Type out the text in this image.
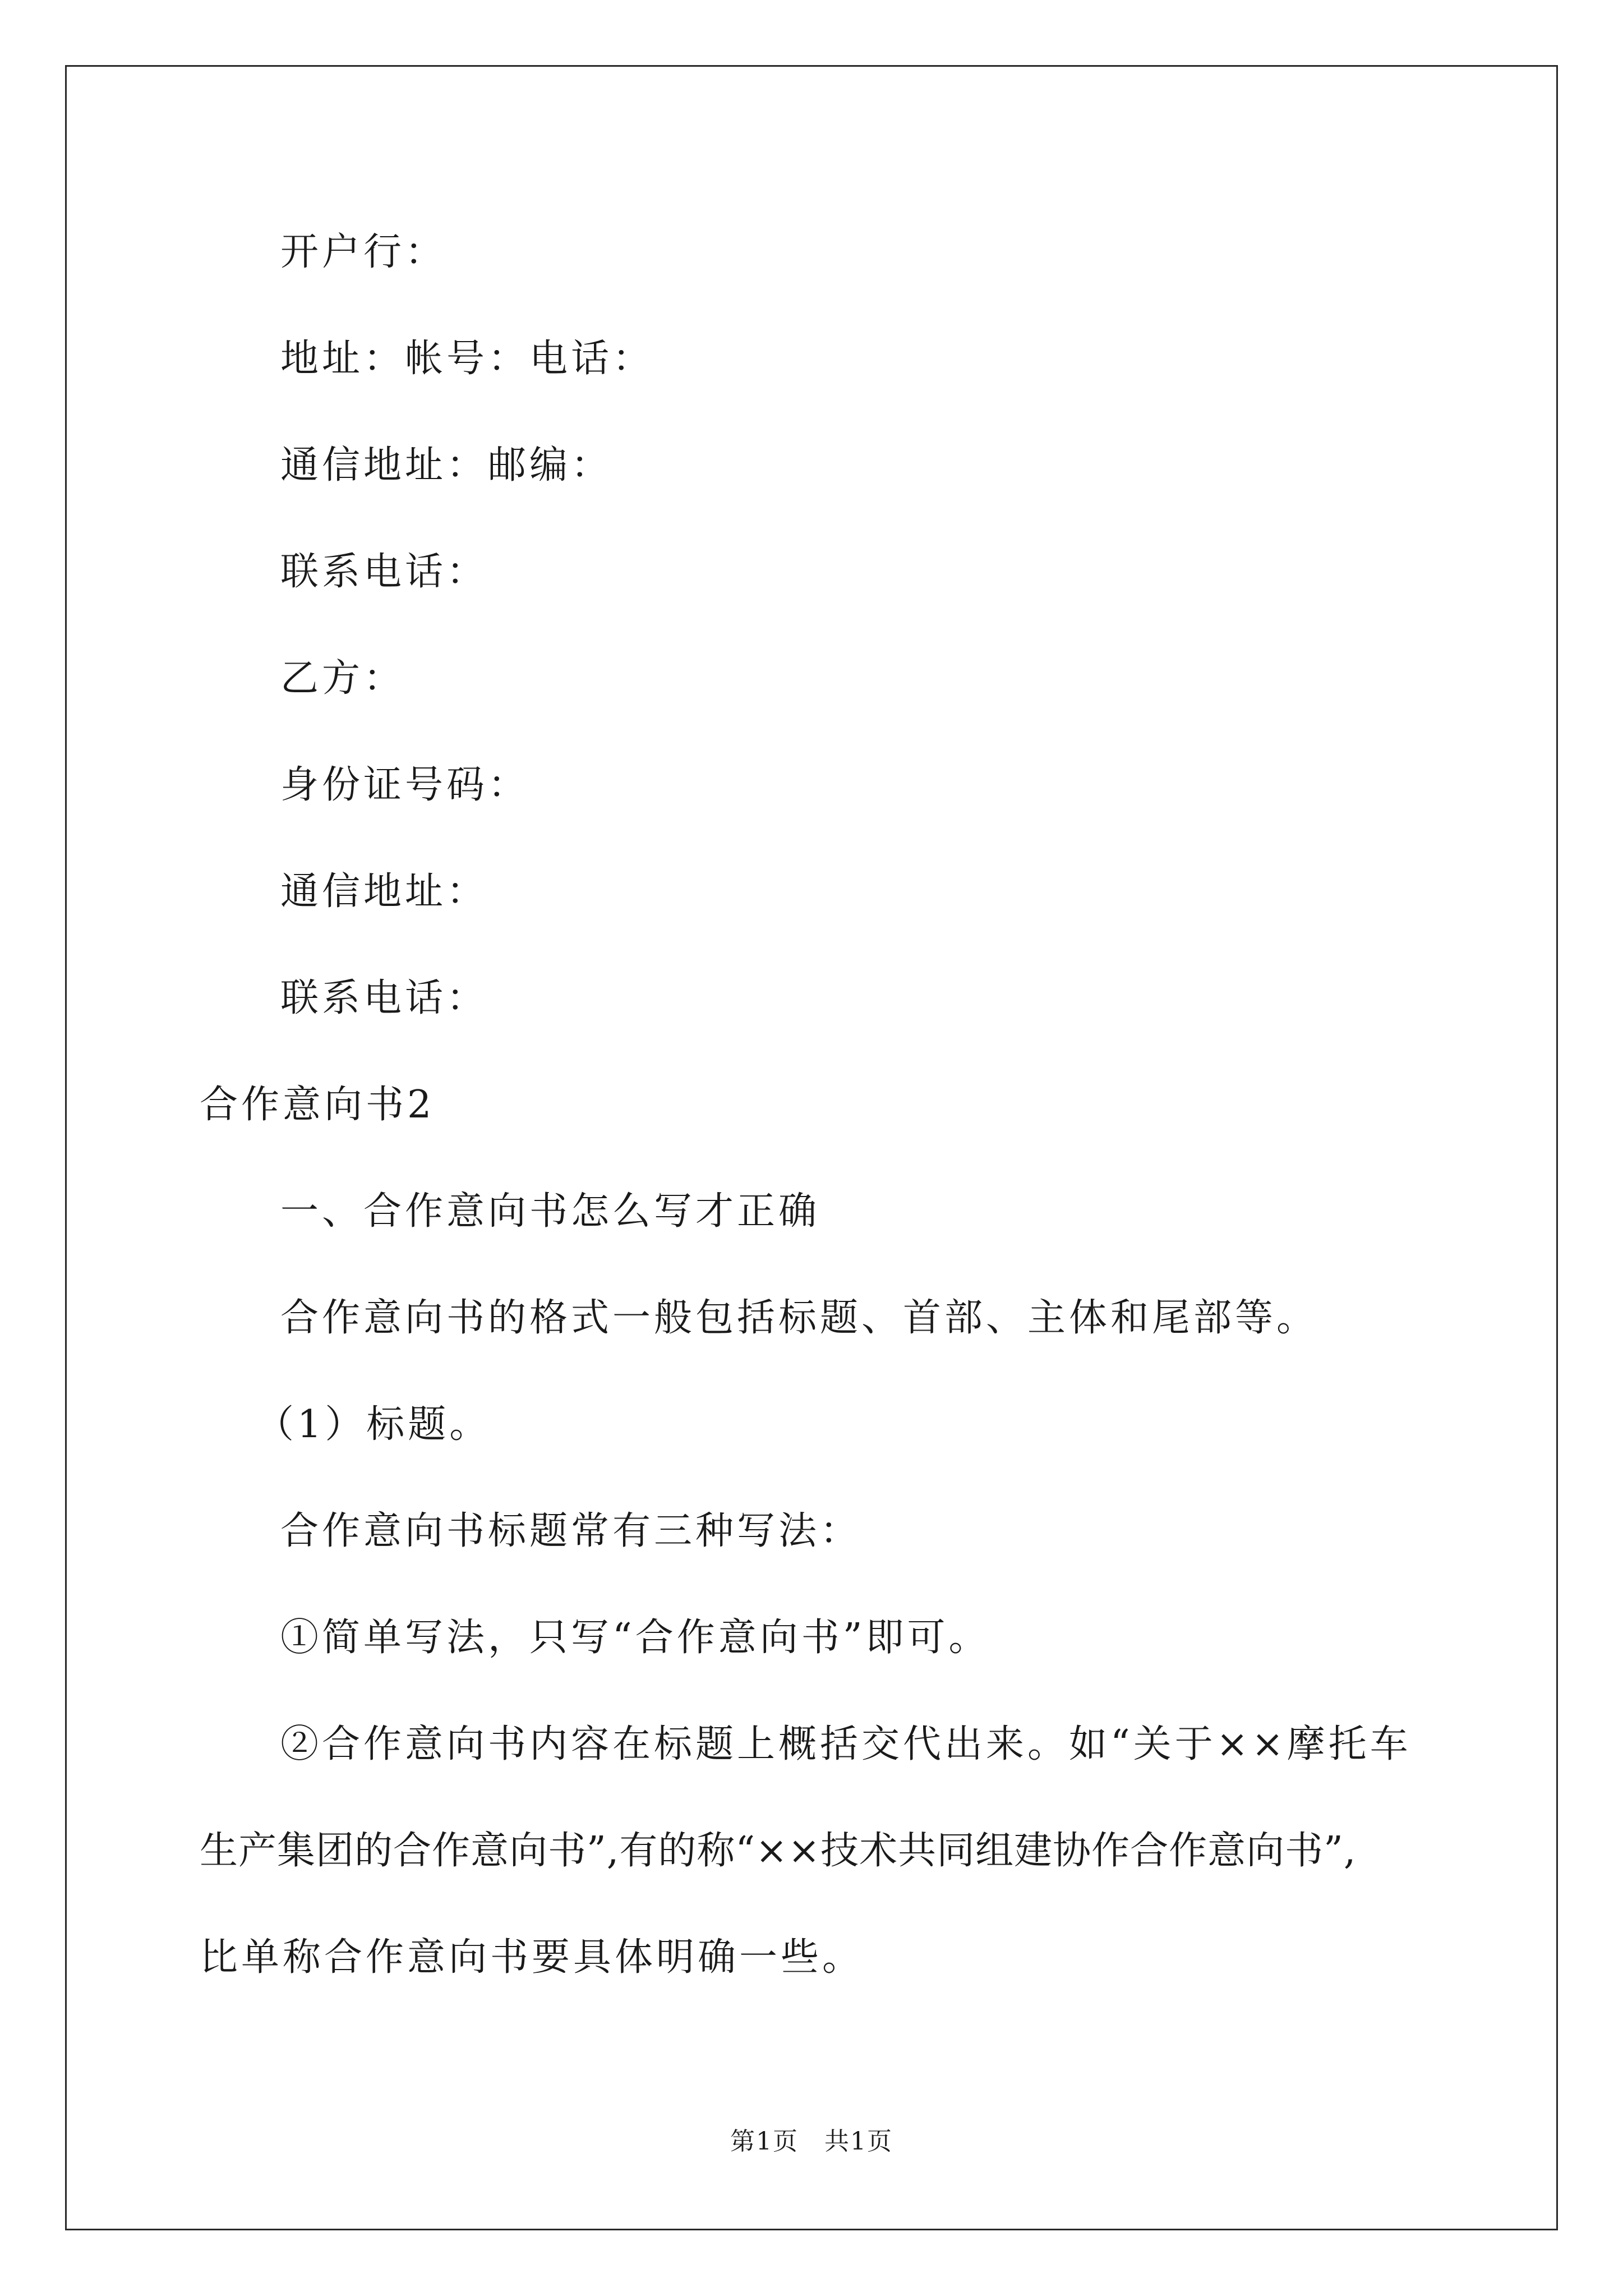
开户行：
地址：帐号：电话：
通信地址：邮编：
联系电话：
乙方：
身份证号码：
通信地址：
联系电话：
合作意向书2
一、合作意向书怎么写才正确
合作意向书的格式一般包括标题、首部、主体和尾部等。
（1）标题。
合作意向书标题常有三种写法：
①简单写法，只写“合作意向书”即可。
②合作意向书内容在标题上概括交代出来。如“关于××摩托车
生产集团的合作意向书”,有的称“××技术共同组建协作合作意向书”,
比单称合作意向书要具体明确一些。
第1页　共1页
